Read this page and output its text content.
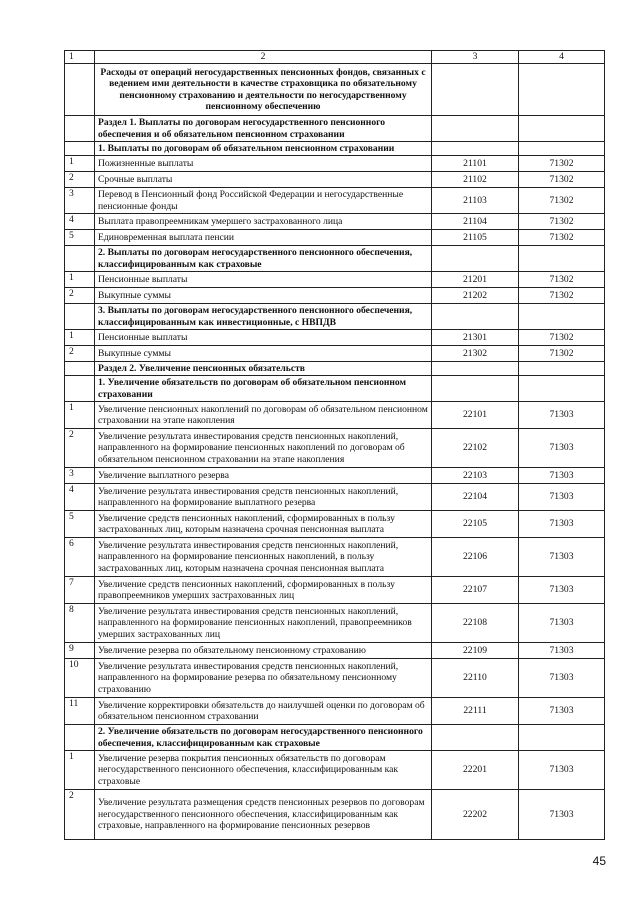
1	2	3	4
	Расходы от операций негосударственных пенсионных фондов, связанных с ведением ими деятельности в качестве страховщика по обязательному пенсионному страхованию и деятельности по негосударственному пенсионному обеспечению		
	Раздел 1. Выплаты по договорам негосударственного пенсионного обеспечения и об обязательном пенсионном страховании		
	1. Выплаты по договорам об обязательном пенсионном страховании		
1	Пожизненные выплаты	21101	71302
2	Срочные выплаты	21102	71302
3	Перевод в Пенсионный фонд Российской Федерации и негосударственные пенсионные фонды	21103	71302
4	Выплата правопреемникам умершего застрахованного лица	21104	71302
5	Единовременная выплата пенсии	21105	71302
	2. Выплаты по договорам негосударственного пенсионного обеспечения, классифицированным как страховые		
1	Пенсионные выплаты	21201	71302
2	Выкупные суммы	21202	71302
	3. Выплаты по договорам негосударственного пенсионного обеспечения, классифицированным как инвестиционные, с НВПДВ		
1	Пенсионные выплаты	21301	71302
2	Выкупные суммы	21302	71302
	Раздел 2. Увеличение пенсионных обязательств		
	1. Увеличение обязательств по договорам об обязательном пенсионном страховании		
1	Увеличение пенсионных накоплений по договорам об обязательном пенсионном страховании на этапе накопления	22101	71303
2	Увеличение результата инвестирования средств пенсионных накоплений, направленного на формирование пенсионных накоплений по договорам об обязательном пенсионном страховании на этапе накопления	22102	71303
3	Увеличение выплатного резерва	22103	71303
4	Увеличение результата инвестирования средств пенсионных накоплений, направленного на формирование выплатного резерва	22104	71303
5	Увеличение средств пенсионных накоплений, сформированных в пользу застрахованных лиц, которым назначена срочная пенсионная выплата	22105	71303
6	Увеличение результата инвестирования средств пенсионных накоплений, направленного на формирование пенсионных накоплений, в пользу застрахованных лиц, которым назначена срочная пенсионная выплата	22106	71303
7	Увеличение средств пенсионных накоплений, сформированных в пользу правопреемников умерших застрахованных лиц	22107	71303
8	Увеличение результата инвестирования средств пенсионных накоплений, направленного на формирование пенсионных накоплений, правопреемников умерших застрахованных лиц	22108	71303
9	Увеличение резерва по обязательному пенсионному страхованию	22109	71303
10	Увеличение результата инвестирования средств пенсионных накоплений, направленного на формирование резерва по обязательному пенсионному страхованию	22110	71303
11	Увеличение корректировки обязательств до наилучшей оценки по договорам об обязательном пенсионном страховании	22111	71303
	2. Увеличение обязательств по договорам негосударственного пенсионного обеспечения, классифицированным как страховые		
1	Увеличение резерва покрытия пенсионных обязательств по договорам негосударственного пенсионного обеспечения, классифицированным как страховые	22201	71303
2	Увеличение результата размещения средств пенсионных резервов по договорам негосударственного пенсионного обеспечения, классифицированным как страховые, направленного на формирование пенсионных резервов	22202	71303
45
